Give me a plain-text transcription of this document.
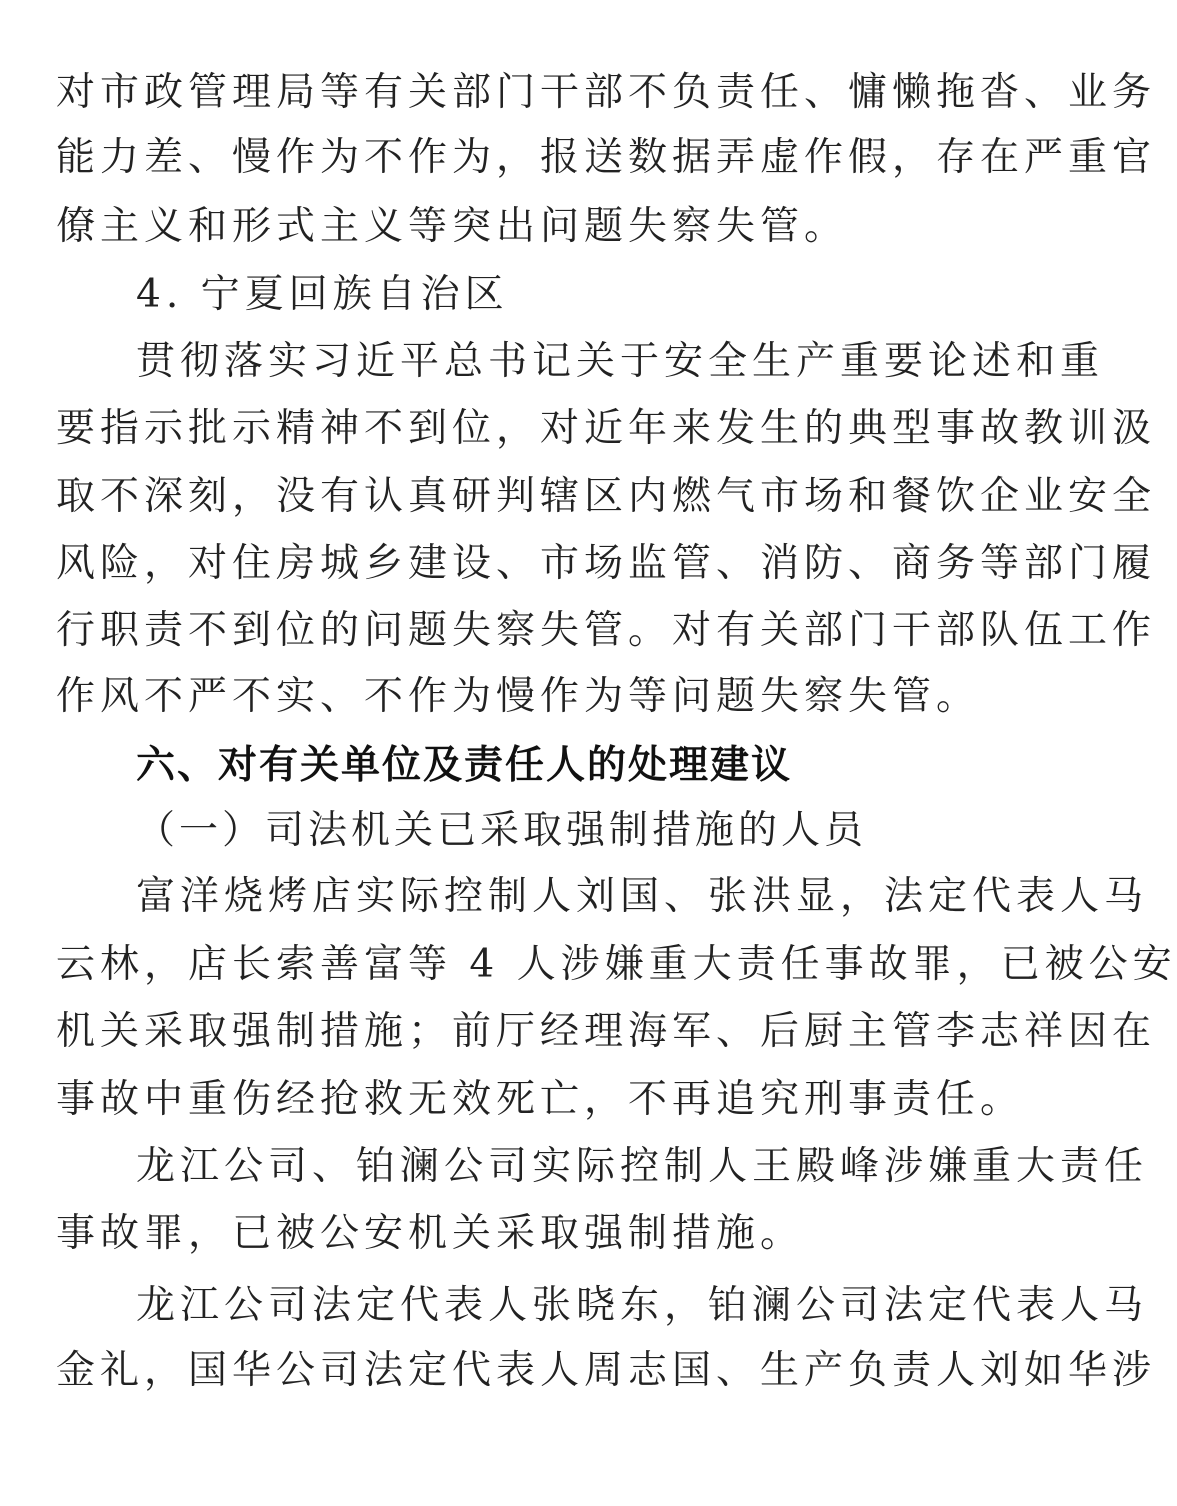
对市政管理局等有关部门干部不负责任、慵懒拖沓、业务
能力差、慢作为不作为，报送数据弄虚作假，存在严重官
僚主义和形式主义等突出问题失察失管。
4. 宁夏回族自治区
贯彻落实习近平总书记关于安全生产重要论述和重
要指示批示精神不到位，对近年来发生的典型事故教训汲
取不深刻，没有认真研判辖区内燃气市场和餐饮企业安全
风险，对住房城乡建设、市场监管、消防、商务等部门履
行职责不到位的问题失察失管。对有关部门干部队伍工作
作风不严不实、不作为慢作为等问题失察失管。
六、对有关单位及责任人的处理建议
（一）司法机关已采取强制措施的人员
富洋烧烤店实际控制人刘国、张洪显，法定代表人马
云林，店长索善富等 4 人涉嫌重大责任事故罪，已被公安
机关采取强制措施；前厅经理海军、后厨主管李志祥因在
事故中重伤经抢救无效死亡，不再追究刑事责任。
龙江公司、铂澜公司实际控制人王殿峰涉嫌重大责任
事故罪，已被公安机关采取强制措施。
龙江公司法定代表人张晓东，铂澜公司法定代表人马
金礼，国华公司法定代表人周志国、生产负责人刘如华涉
